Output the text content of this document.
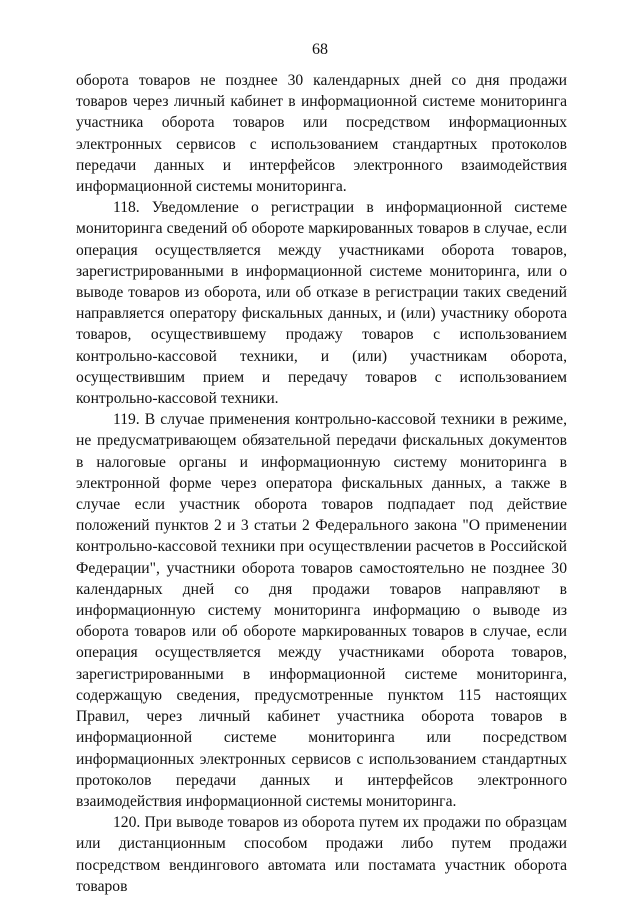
68

оборота товаров не позднее 30 календарных дней со дня продажи товаров через личный кабинет в информационной системе мониторинга участника оборота товаров или посредством информационных электронных сервисов с использованием стандартных протоколов передачи данных и интерфейсов электронного взаимодействия информационной системы мониторинга.

118. Уведомление о регистрации в информационной системе мониторинга сведений об обороте маркированных товаров в случае, если операция осуществляется между участниками оборота товаров, зарегистрированными в информационной системе мониторинга, или о выводе товаров из оборота, или об отказе в регистрации таких сведений направляется оператору фискальных данных, и (или) участнику оборота товаров, осуществившему продажу товаров с использованием контрольно-кассовой техники, и (или) участникам оборота, осуществившим прием и передачу товаров с использованием контрольно-кассовой техники.

119. В случае применения контрольно-кассовой техники в режиме, не предусматривающем обязательной передачи фискальных документов в налоговые органы и информационную систему мониторинга в электронной форме через оператора фискальных данных, а также в случае если участник оборота товаров подпадает под действие положений пунктов 2 и 3 статьи 2 Федерального закона "О применении контрольно-кассовой техники при осуществлении расчетов в Российской Федерации", участники оборота товаров самостоятельно не позднее 30 календарных дней со дня продажи товаров направляют в информационную систему мониторинга информацию о выводе из оборота товаров или об обороте маркированных товаров в случае, если операция осуществляется между участниками оборота товаров, зарегистрированными в информационной системе мониторинга, содержащую сведения, предусмотренные пунктом 115 настоящих Правил, через личный кабинет участника оборота товаров в информационной системе мониторинга или посредством информационных электронных сервисов с использованием стандартных протоколов передачи данных и интерфейсов электронного взаимодействия информационной системы мониторинга.

120. При выводе товаров из оборота путем их продажи по образцам или дистанционным способом продажи либо путем продажи посредством вендингового автомата или постамата участник оборота товаров
